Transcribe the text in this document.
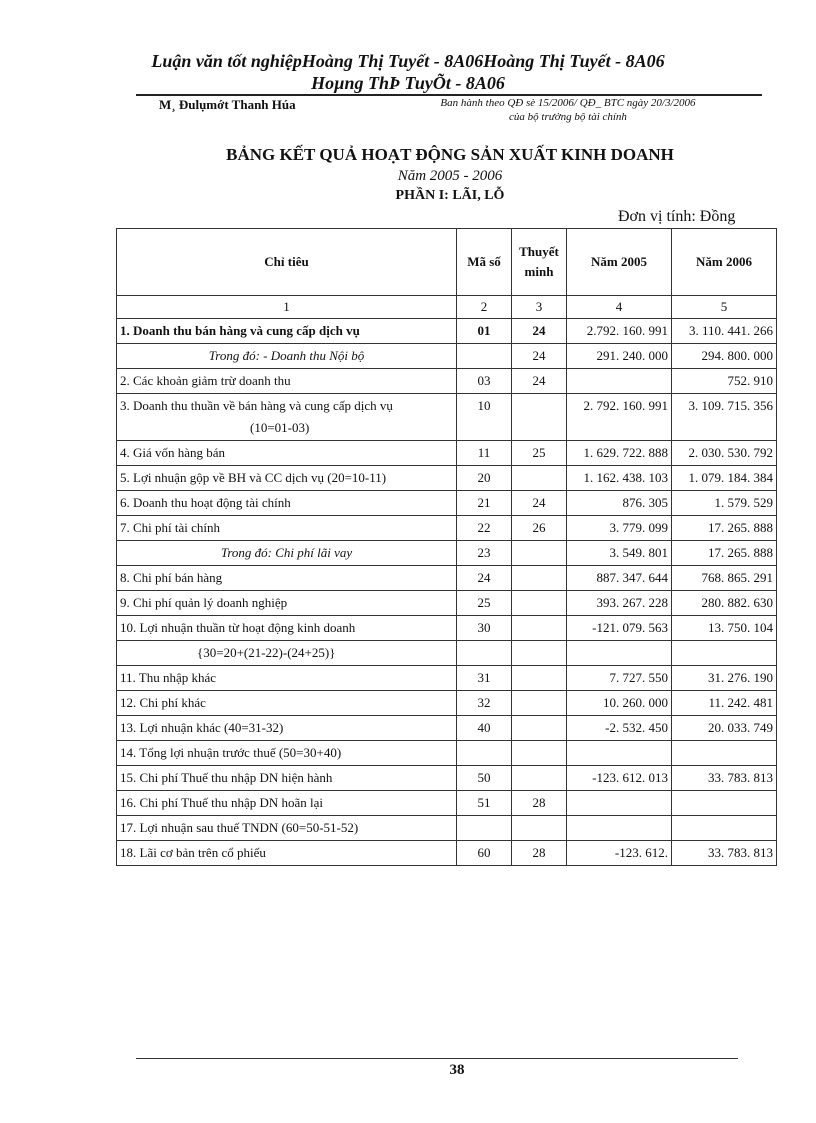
Luận văn tốt nghiệpHoàng Thị Tuyết - 8A06Hoàng Thị Tuyết - 8A06
Hoµng ThÞ TuyÕt - 8A06
M¸ Đulụmớt Thanh Húa	Ban hành theo QĐ sè 15/2006/ QĐ_ BTC ngày 20/3/2006
của bộ trưởng bộ tài chính
BẢNG KẾT QUẢ HOẠT ĐỘNG SẢN XUẤT KINH DOANH
Năm 2005 - 2006
PHẦN I: LÃI, LỖ
Đơn vị tính: Đồng
Chỉ tiêu	Mã số	Thuyết minh	Năm 2005	Năm 2006
1	2	3	4	5
1. Doanh thu bán hàng và cung cấp dịch vụ	01	24	2.792. 160. 991	3. 110. 441. 266
Trong đó: - Doanh thu Nội bộ		24	291. 240. 000	294. 800. 000
2. Các khoản giảm trừ doanh thu	03	24		752. 910

3. Doanh thu thuần về bán hàng và cung cấp dịch vụ
(10=01-03)	10		2. 792. 160. 991	3. 109. 715. 356
4. Giá vốn hàng bán	11	25	1. 629. 722. 888	2. 030. 530. 792
5. Lợi nhuận gộp về BH và CC dịch vụ (20=10-11)	20		1. 162. 438. 103	1. 079. 184. 384
6. Doanh thu hoạt động tài chính	21	24	876. 305	1. 579. 529
7. Chi phí tài chính	22	26	3. 779. 099	17. 265. 888
Trong đó: Chi phí lãi vay	23		3. 549. 801	17. 265. 888
8. Chi phí bán hàng	24		887. 347. 644	768. 865. 291
9. Chi phí quản lý doanh nghiệp	25		393. 267. 228	280. 882. 630
10. Lợi nhuận thuần từ hoạt động kinh doanh	30		-121. 079. 563	13. 750. 104
{30=20+(21-22)-(24+25)}				
11. Thu nhập khác	31		7. 727. 550	31. 276. 190
12. Chi phí khác	32		10. 260. 000	11. 242. 481
13. Lợi nhuận khác (40=31-32)	40		-2. 532. 450	20. 033. 749
14. Tổng lợi nhuận trước thuế (50=30+40)				
15. Chi phí Thuế thu nhập DN hiện hành	50		-123. 612. 013	33. 783. 813
16. Chi phí Thuế thu nhập DN hoãn lại	51	28		
17. Lợi nhuận sau thuế TNDN (60=50-51-52)				
18. Lãi cơ bản trên cổ phiếu	60	28	-123. 612.	33. 783. 813
38
